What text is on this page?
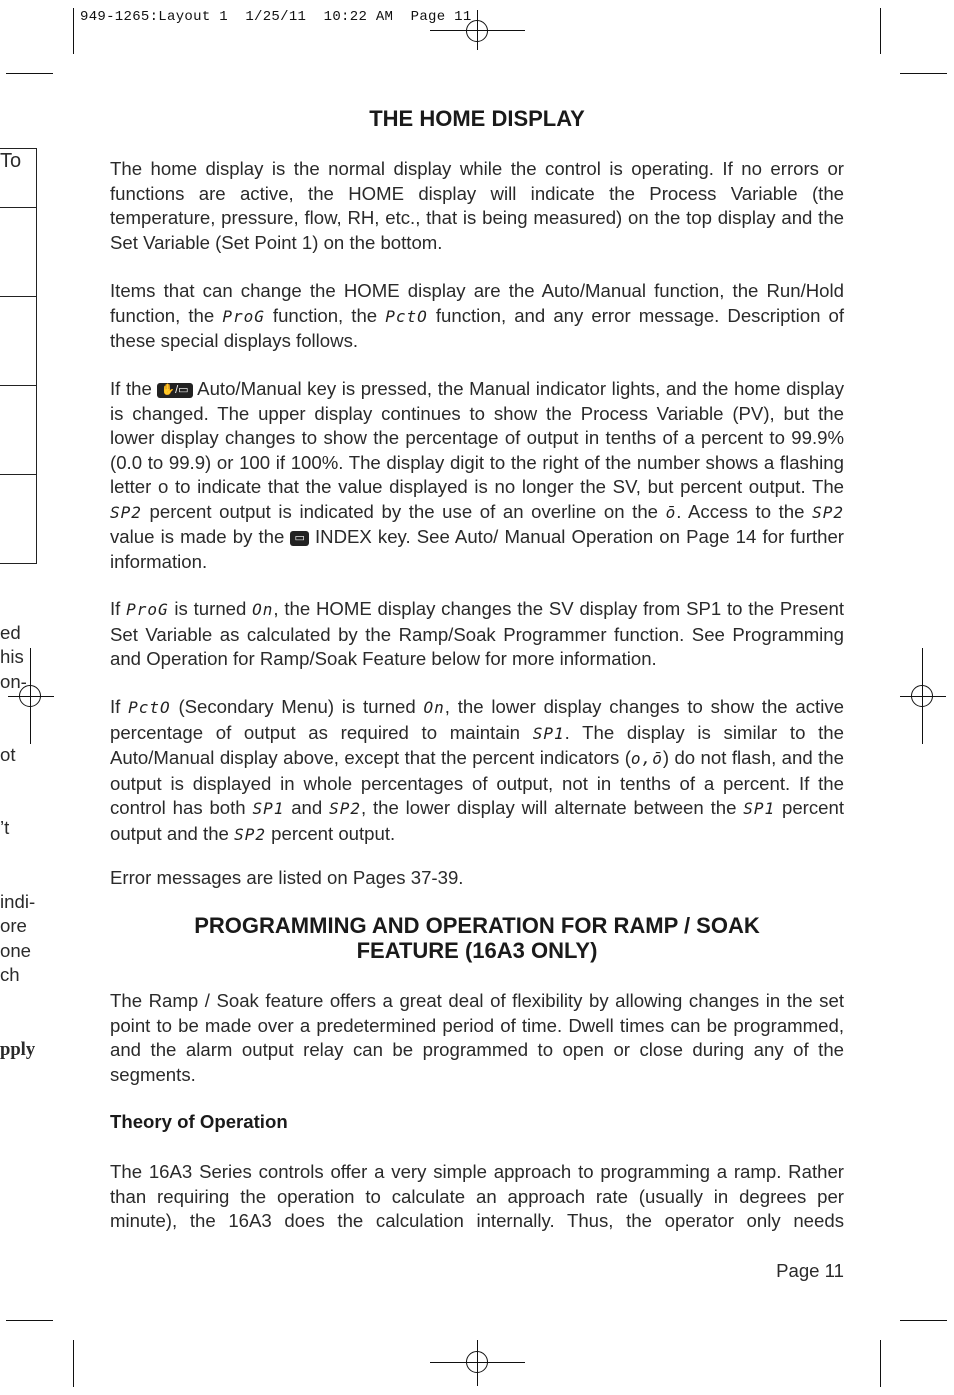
949-1265:Layout 1  1/25/11  10:22 AM  Page 11
To
ed
his
on-
ot
’t
indi-
ore
one
ch
pply
THE HOME DISPLAY

The home display is the normal display while the control is operating. If no errors or functions are active, the HOME display will indicate the Process Variable (the temperature, pressure, flow, RH, etc., that is being measured) on the top display and the Set Variable (Set Point 1) on the bottom.

Items that can change the HOME display are the Auto/Manual function, the Run/Hold function, the ProG function, the PctO function, and any error message. Description of these special displays follows.

If the ✋/▭ Auto/Manual key is pressed, the Manual indicator lights, and the home display is changed. The upper display continues to show the Process Variable (PV), but the lower display changes to show the percentage of output in tenths of a percent to 99.9% (0.0 to 99.9) or 100 if 100%. The display digit to the right of the number shows a flashing letter o to indicate that the value displayed is no longer the SV, but percent output. The SP2 percent output is indicated by the use of an overline on the ō. Access to the SP2 value is made by the ▭ INDEX key. See Auto/ Manual Operation on Page 14 for further information.

If ProG is turned On, the HOME display changes the SV display from SP1 to the Present Set Variable as calculated by the Ramp/Soak Programmer function. See Programming and Operation for Ramp/Soak Feature below for more information.

If PctO (Secondary Menu) is turned On, the lower display changes to show the active percentage of output as required to maintain SP1. The display is similar to the Auto/Manual display above, except that the percent indicators (o,ō) do not flash, and the output is displayed in whole percentages of output, not in tenths of a percent. If the control has both SP1 and SP2, the lower display will alternate between the SP1 percent output and the SP2 percent output.

Error messages are listed on Pages 37-39.

PROGRAMMING AND OPERATION FOR RAMP / SOAK
FEATURE (16A3 ONLY)

The Ramp / Soak feature offers a great deal of flexibility by allowing changes in the set point to be made over a predetermined period of time. Dwell times can be programmed, and the alarm output relay can be programmed to open or close during any of the segments.

Theory of Operation

The 16A3 Series controls offer a very simple approach to programming a ramp. Rather than requiring the operation to calculate an approach rate (usually in degrees per minute), the 16A3 does the calculation internally. Thus, the operator only needs

Page 11
